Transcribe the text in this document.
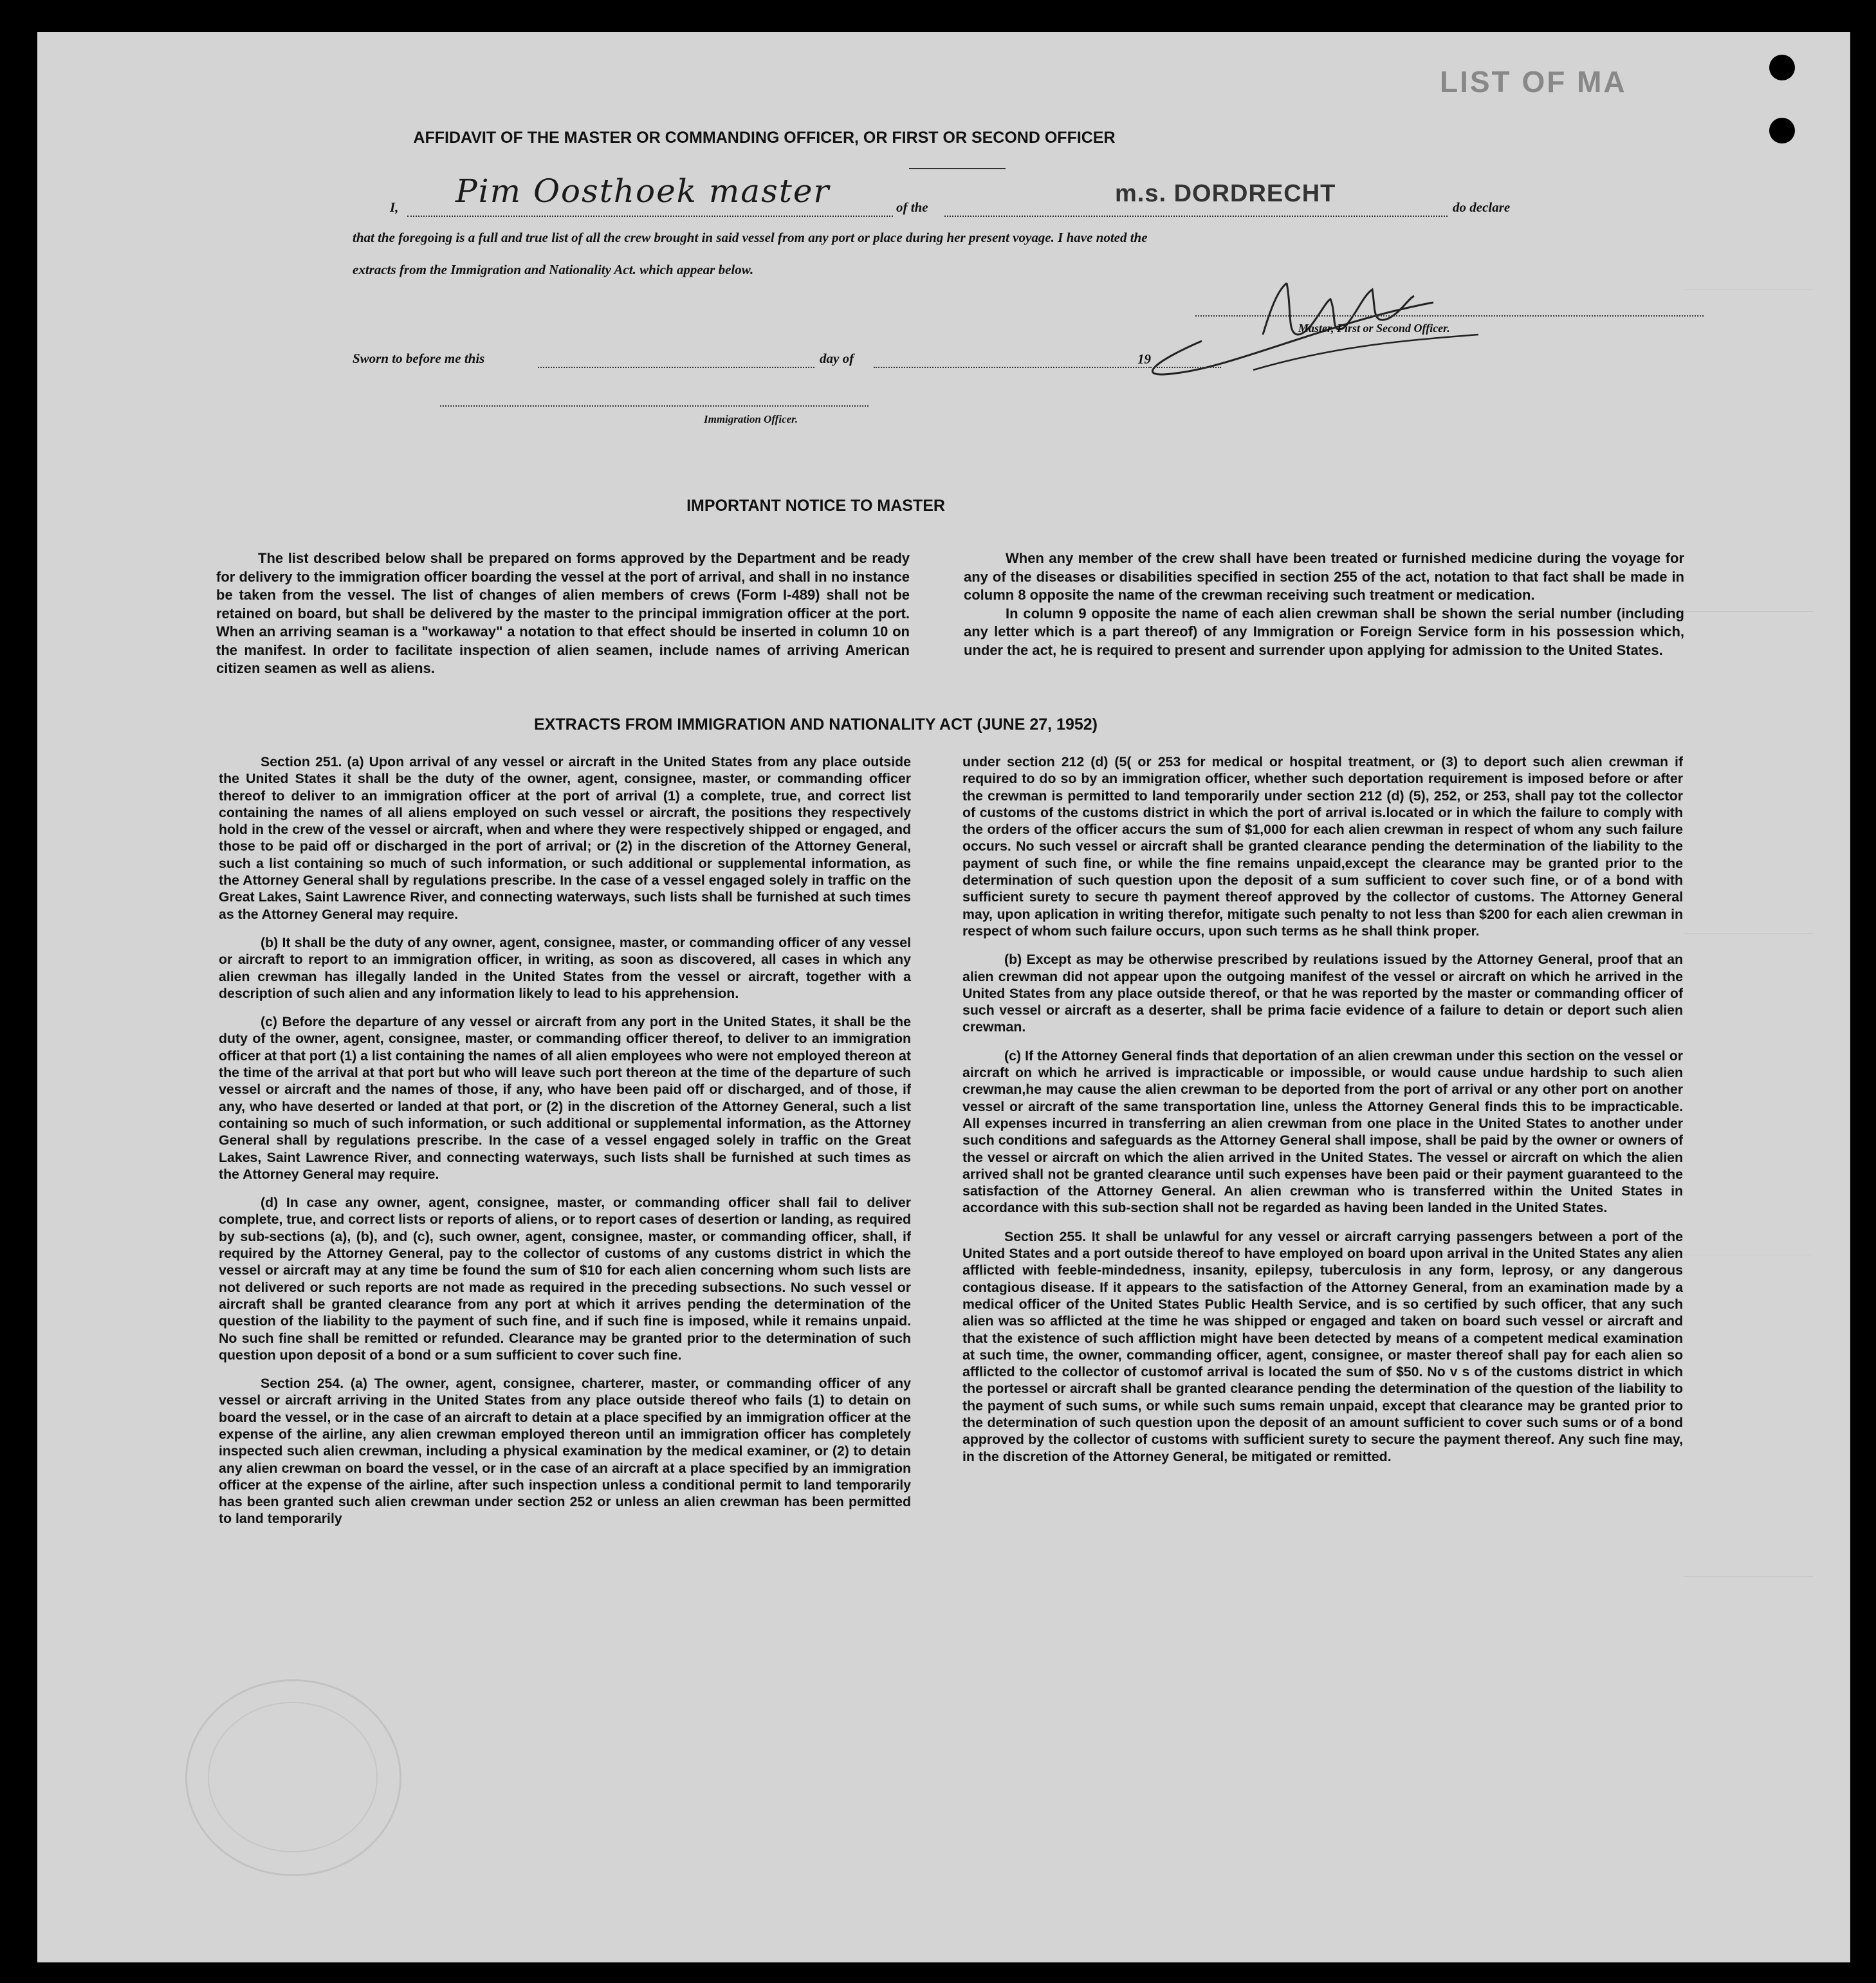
LIST OF MA
AFFIDAVIT OF THE MASTER OR COMMANDING OFFICER, OR FIRST OR SECOND OFFICER
I, Pim Oosthoek master	of the	m.s. DORDRECHT	do declare
that the foregoing is a full and true list of all the crew brought in said vessel from any port or place during her present voyage. I have noted the
extracts from the Immigration and Nationality Act. which appear below.
Master, First or Second Officer.
Sworn to before me this	day of	19
Immigration Officer.
IMPORTANT NOTICE TO MASTER

The list described below shall be prepared on forms approved by the Department and be ready for delivery to the immigration officer boarding the vessel at the port of arrival, and shall in no instance be taken from the vessel. The list of changes of alien members of crews (Form I-489) shall not be retained on board, but shall be delivered by the master to the principal immigration officer at the port. When an arriving seaman is a "workaway" a notation to that effect should be inserted in column 10 on the manifest. In order to facilitate inspection of alien seamen, include names of arriving American citizen seamen as well as aliens.

When any member of the crew shall have been treated or furnished medicine during the voyage for any of the diseases or disabilities specified in section 255 of the act, notation to that fact shall be made in column 8 opposite the name of the crewman receiving such treatment or medication.

In column 9 opposite the name of each alien crewman shall be shown the serial number (including any letter which is a part thereof) of any Immigration or Foreign Service form in his possession which, under the act, he is required to present and surrender upon applying for admission to the United States.

EXTRACTS FROM IMMIGRATION AND NATIONALITY ACT (JUNE 27, 1952)

Section 251. (a) Upon arrival of any vessel or aircraft in the United States from any place outside the United States it shall be the duty of the owner, agent, consignee, master, or commanding officer thereof to deliver to an immigration officer at the port of arrival (1) a complete, true, and correct list containing the names of all aliens employed on such vessel or aircraft, the positions they respectively hold in the crew of the vessel or aircraft, when and where they were respectively shipped or engaged, and those to be paid off or discharged in the port of arrival; or (2) in the discretion of the Attorney General, such a list containing so much of such information, or such additional or supplemental information, as the Attorney General shall by regulations prescribe. In the case of a vessel engaged solely in traffic on the Great Lakes, Saint Lawrence River, and connecting waterways, such lists shall be furnished at such times as the Attorney General may require.

(b) It shall be the duty of any owner, agent, consignee, master, or commanding officer of any vessel or aircraft to report to an immigration officer, in writing, as soon as discovered, all cases in which any alien crewman has illegally landed in the United States from the vessel or aircraft, together with a description of such alien and any information likely to lead to his apprehension.

(c) Before the departure of any vessel or aircraft from any port in the United States, it shall be the duty of the owner, agent, consignee, master, or commanding officer thereof, to deliver to an immigration officer at that port (1) a list containing the names of all alien employees who were not employed thereon at the time of the arrival at that port but who will leave such port thereon at the time of the departure of such vessel or aircraft and the names of those, if any, who have been paid off or discharged, and of those, if any, who have deserted or landed at that port, or (2) in the discretion of the Attorney General, such a list containing so much of such information, or such additional or supplemental information, as the Attorney General shall by regulations prescribe. In the case of a vessel engaged solely in traffic on the Great Lakes, Saint Lawrence River, and connecting waterways, such lists shall be furnished at such times as the Attorney General may require.

(d) In case any owner, agent, consignee, master, or commanding officer shall fail to deliver complete, true, and correct lists or reports of aliens, or to report cases of desertion or landing, as required by sub-sections (a), (b), and (c), such owner, agent, consignee, master, or commanding officer, shall, if required by the Attorney General, pay to the collector of customs of any customs district in which the vessel or aircraft may at any time be found the sum of $10 for each alien concerning whom such lists are not delivered or such reports are not made as required in the preceding subsections. No such vessel or aircraft shall be granted clearance from any port at which it arrives pending the determination of the question of the liability to the payment of such fine, and if such fine is imposed, while it remains unpaid. No such fine shall be remitted or refunded. Clearance may be granted prior to the determination of such question upon deposit of a bond or a sum sufficient to cover such fine.

Section 254. (a) The owner, agent, consignee, charterer, master, or commanding officer of any vessel or aircraft arriving in the United States from any place outside thereof who fails (1) to detain on board the vessel, or in the case of an aircraft to detain at a place specified by an immigration officer at the expense of the airline, any alien crewman employed thereon until an immigration officer has completely inspected such alien crewman, including a physical examination by the medical examiner, or (2) to detain any alien crewman on board the vessel, or in the case of an aircraft at a place specified by an immigration officer at the expense of the airline, after such inspection unless a conditional permit to land temporarily has been granted such alien crewman under section 252 or unless an alien crewman has been permitted to land temporarily

under section 212 (d) (5( or 253 for medical or hospital treatment, or (3) to deport such alien crewman if required to do so by an immigration officer, whether such deportation requirement is imposed before or after the crewman is permitted to land temporarily under section 212 (d) (5), 252, or 253, shall pay tot the collector of customs of the customs district in which the port of arrival is.located or in which the failure to comply with the orders of the officer accurs the sum of $1,000 for each alien crewman in respect of whom any such failure occurs. No such vessel or aircraft shall be granted clearance pending the determination of the liability to the payment of such fine, or while the fine remains unpaid,except the clearance may be granted prior to the determination of such question upon the deposit of a sum sufficient to cover such fine, or of a bond with sufficient surety to secure th payment thereof approved by the collector of customs. The Attorney General may, upon aplication in writing therefor, mitigate such penalty to not less than $200 for each alien crewman in respect of whom such failure occurs, upon such terms as he shall think proper.

(b) Except as may be otherwise prescribed by reulations issued by the Attorney General, proof that an alien crewman did not appear upon the outgoing manifest of the vessel or aircraft on which he arrived in the United States from any place outside thereof, or that he was reported by the master or commanding officer of such vessel or aircraft as a deserter, shall be prima facie evidence of a failure to detain or deport such alien crewman.

(c) If the Attorney General finds that deportation of an alien crewman under this section on the vessel or aircraft on which he arrived is impracticable or impossible, or would cause undue hardship to such alien crewman,he may cause the alien crewman to be deported from the port of arrival or any other port on another vessel or aircraft of the same transportation line, unless the Attorney General finds this to be impracticable. All expenses incurred in transferring an alien crewman from one place in the United States to another under such conditions and safeguards as the Attorney General shall impose, shall be paid by the owner or owners of the vessel or aircraft on which the alien arrived in the United States. The vessel or aircraft on which the alien arrived shall not be granted clearance until such expenses have been paid or their payment guaranteed to the satisfaction of the Attorney General. An alien crewman who is transferred within the United States in accordance with this sub-section shall not be regarded as having been landed in the United States.

Section 255. It shall be unlawful for any vessel or aircraft carrying passengers between a port of the United States and a port outside thereof to have employed on board upon arrival in the United States any alien afflicted with feeble-mindedness, insanity, epilepsy, tuberculosis in any form, leprosy, or any dangerous contagious disease. If it appears to the satisfaction of the Attorney General, from an examination made by a medical officer of the United States Public Health Service, and is so certified by such officer, that any such alien was so afflicted at the time he was shipped or engaged and taken on board such vessel or aircraft and that the existence of such affliction might have been detected by means of a competent medical examination at such time, the owner, commanding officer, agent, consignee, or master thereof shall pay for each alien so afflicted to the collector of customof arrival is located the sum of $50. No v s of the customs district in which the portessel or aircraft shall be granted clearance pending the determination of the question of the liability to the payment of such sums, or while such sums remain unpaid, except that clearance may be granted prior to the determination of such question upon the deposit of an amount sufficient to cover such sums or of a bond approved by the collector of customs with sufficient surety to secure the payment thereof. Any such fine may, in the discretion of the Attorney General, be mitigated or remitted.
